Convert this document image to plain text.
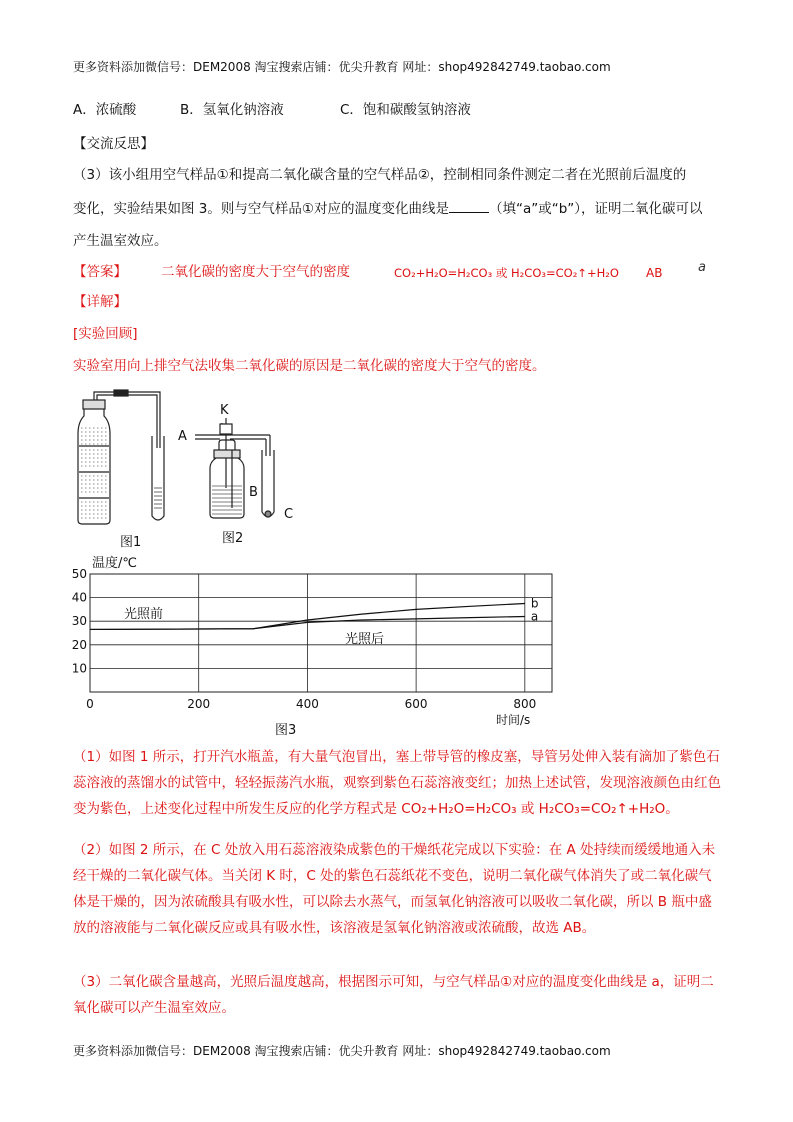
更多资料添加微信号：DEM2008 淘宝搜索店铺：优尖升教育 网址：shop492842749.taobao.com
A．浓硫酸	B．氢氧化钠溶液	C．饱和碳酸氢钠溶液
【交流反思】
（3）该小组用空气样品①和提高二氧化碳含量的空气样品②，控制相同条件测定二者在光照前后温度的
变化，实验结果如图 3。则与空气样品①对应的温度变化曲线是	（填“a”或“b”），证明二氧化碳可以
产生温室效应。
【答案】	二氧化碳的密度大于空气的密度	CO₂+H₂O=H₂CO₃ 或 H₂CO₃=CO₂↑+H₂O AB	a
【详解】
[实验回顾]
实验室用向上排空气法收集二氧化碳的原因是二氧化碳的密度大于空气的密度。
图1
K
A
B
C
图2
温度/℃
时间/s
光照前
光照后
图3
10
20
30
40
50
0	200	400	600	800
a
b
（1）如图 1 所示，打开汽水瓶盖，有大量气泡冒出，塞上带导管的橡皮塞，导管另处伸入装有滴加了紫色石蕊溶液的蒸馏水的试管中，轻轻振荡汽水瓶，观察到紫色石蕊溶液变红；加热上述试管，发现溶液颜色由红色变为紫色，上述变化过程中所发生反应的化学方程式是 CO₂+H₂O=H₂CO₃ 或 H₂CO₃=CO₂↑+H₂O。
（2）如图 2 所示，在 C 处放入用石蕊溶液染成紫色的干燥纸花完成以下实验：在 A 处持续而缓缓地通入未经干燥的二氧化碳气体。当关闭 K 时，C 处的紫色石蕊纸花不变色，说明二氧化碳气体消失了或二氧化碳气体是干燥的，因为浓硫酸具有吸水性，可以除去水蒸气，而氢氧化钠溶液可以吸收二氧化碳，所以 B 瓶中盛放的溶液能与二氧化碳反应或具有吸水性，该溶液是氢氧化钠溶液或浓硫酸，故选 AB。
（3）二氧化碳含量越高，光照后温度越高，根据图示可知，与空气样品①对应的温度变化曲线是 a，证明二氧化碳可以产生温室效应。
更多资料添加微信号：DEM2008 淘宝搜索店铺：优尖升教育 网址：shop492842749.taobao.com
